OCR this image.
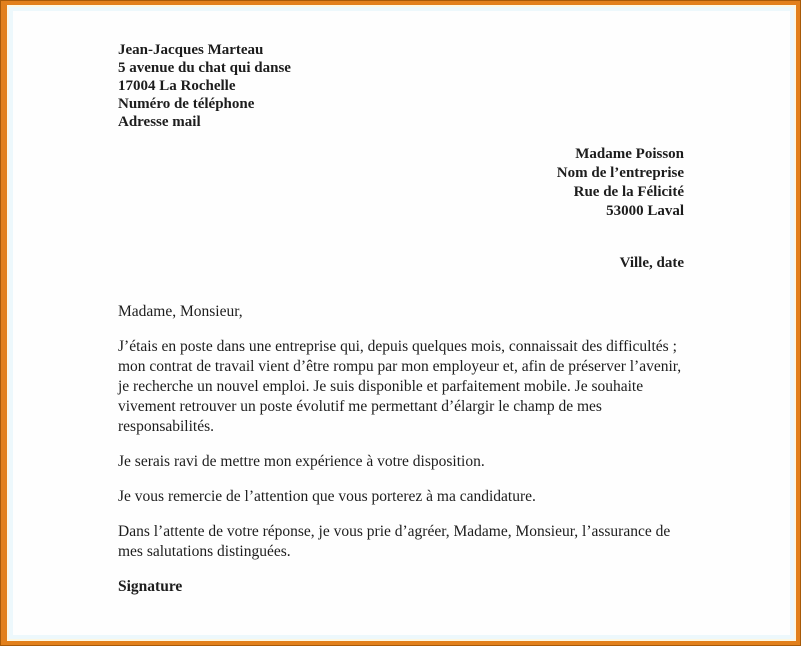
Jean-Jacques Marteau
5 avenue du chat qui danse
17004 La Rochelle
Numéro de téléphone
Adresse mail
Madame Poisson
Nom de l’entreprise
Rue de la Félicité
53000 Laval
Ville, date

Madame, Monsieur,

J’étais en poste dans une entreprise qui, depuis quelques mois, connaissait des difficultés ; mon contrat de travail vient d’être rompu par mon employeur et, afin de préserver l’avenir, je recherche un nouvel emploi. Je suis disponible et parfaitement mobile. Je souhaite vivement retrouver un poste évolutif me permettant d’élargir le champ de mes responsabilités.

Je serais ravi de mettre mon expérience à votre disposition.

Je vous remercie de l’attention que vous porterez à ma candidature.

Dans l’attente de votre réponse, je vous prie d’agréer, Madame, Monsieur, l’assurance de mes salutations distinguées.

Signature
